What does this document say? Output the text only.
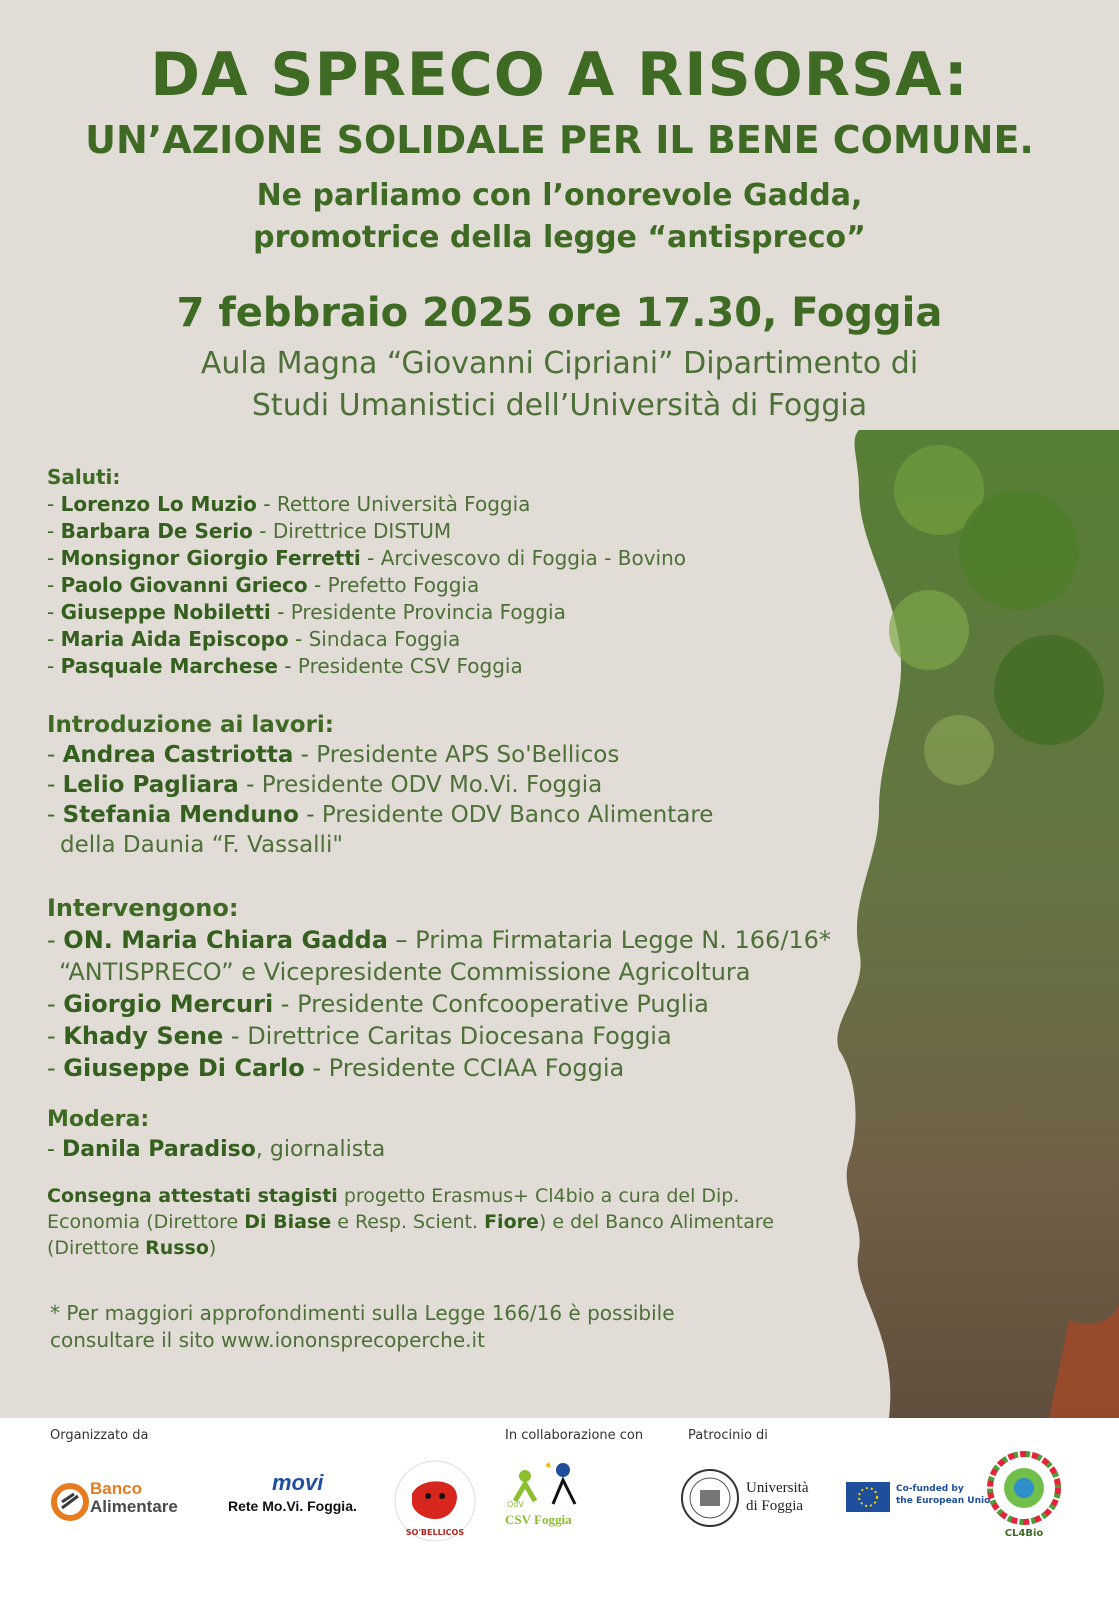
DA SPRECO A RISORSA:
UN’AZIONE SOLIDALE PER IL BENE COMUNE.
Ne parliamo con l’onorevole Gadda,
promotrice della legge “antispreco”
7 febbraio 2025 ore 17.30, Foggia
Aula Magna “Giovanni Cipriani” Dipartimento di
Studi Umanistici dell’Università di Foggia
Saluti:
- Lorenzo Lo Muzio - Rettore Università Foggia
- Barbara De Serio - Direttrice DISTUM
- Monsignor Giorgio Ferretti - Arcivescovo di Foggia - Bovino
- Paolo Giovanni Grieco - Prefetto Foggia
- Giuseppe Nobiletti - Presidente Provincia Foggia
- Maria Aida Episcopo - Sindaca Foggia
- Pasquale Marchese - Presidente CSV Foggia
Introduzione ai lavori:
- Andrea Castriotta - Presidente APS So'Bellicos
- Lelio Pagliara - Presidente ODV Mo.Vi. Foggia
- Stefania Menduno - Presidente ODV Banco Alimentare
della Daunia “F. Vassalli"
Intervengono:
- ON. Maria Chiara Gadda – Prima Firmataria Legge N. 166/16*
“ANTISPRECO” e Vicepresidente Commissione Agricoltura
- Giorgio Mercuri - Presidente Confcooperative Puglia
- Khady Sene - Direttrice Caritas Diocesana Foggia
- Giuseppe Di Carlo - Presidente CCIAA Foggia
Modera:
- Danila Paradiso, giornalista
Consegna attestati stagisti progetto Erasmus+ Cl4bio a cura del Dip. Economia (Direttore Di Biase e Resp. Scient. Fiore) e del Banco Alimentare (Direttore Russo)
* Per maggiori approfondimenti sulla Legge 166/16 è possibile
consultare il sito www.iononsprecoperche.it
Organizzato da	In collaborazione con	Patrocinio di
Banco
Alimentare
movi
Rete Mo.Vi. Foggia.
SO'BELLICOS
OdV
CSV Foggia
Università
di Foggia
Co-funded by
the European Unio
CL4Bio
